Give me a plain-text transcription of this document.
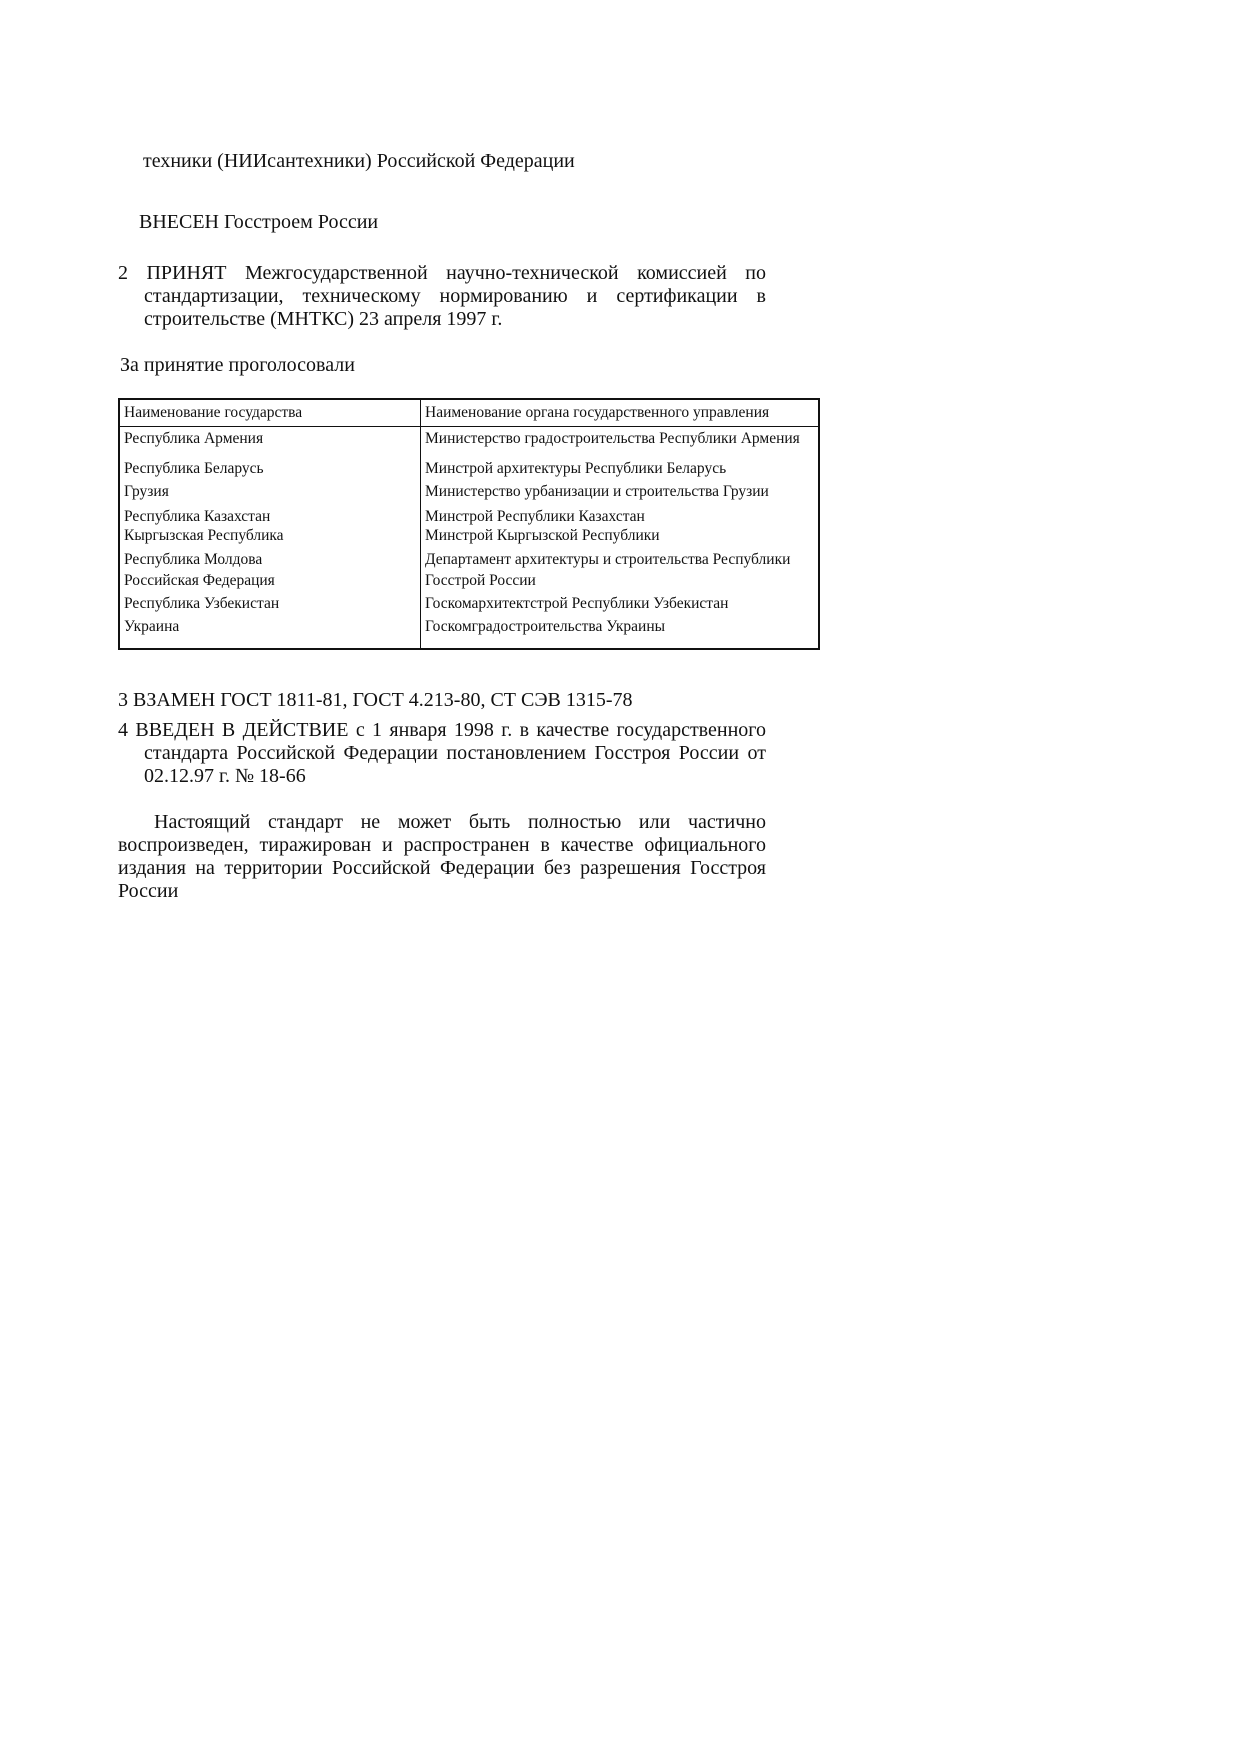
техники (НИИсантехники) Российской Федерации
ВНЕСЕН Госстроем России

2 ПРИНЯТ Межгосударственной научно-технической комиссией по стандартизации, техническому нормированию и сертификации в строительстве (МНТКС) 23 апреля 1997 г.

За принятие проголосовали
Наименование государства	Наименование органа государственного управления
Республика Армения	Министерство градостроительства Республики Армения
Республика Беларусь	Минстрой архитектуры Республики Беларусь
Грузия	Министерство урбанизации и строительства Грузии
Республика Казахстан	Минстрой Республики Казахстан
Кыргызская Республика	Минстрой Кыргызской Республики
Республика Молдова	Департамент архитектуры и строительства Республики
Российская Федерация	Госстрой России
Республика Узбекистан	Госкомархитектстрой Республики Узбекистан
Украина	Госкомградостроительства Украины
3 ВЗАМЕН ГОСТ 1811-81, ГОСТ 4.213-80, СТ СЭВ 1315-78

4 ВВЕДЕН В ДЕЙСТВИЕ с 1 января 1998 г. в качестве государственного стандарта Российской Федерации постановлением Госстроя России от 02.12.97 г. № 18-66

Настоящий стандарт не может быть полностью или частично воспроизведен, тиражирован и распространен в качестве официального издания на территории Российской Федерации без разрешения Госстроя России
